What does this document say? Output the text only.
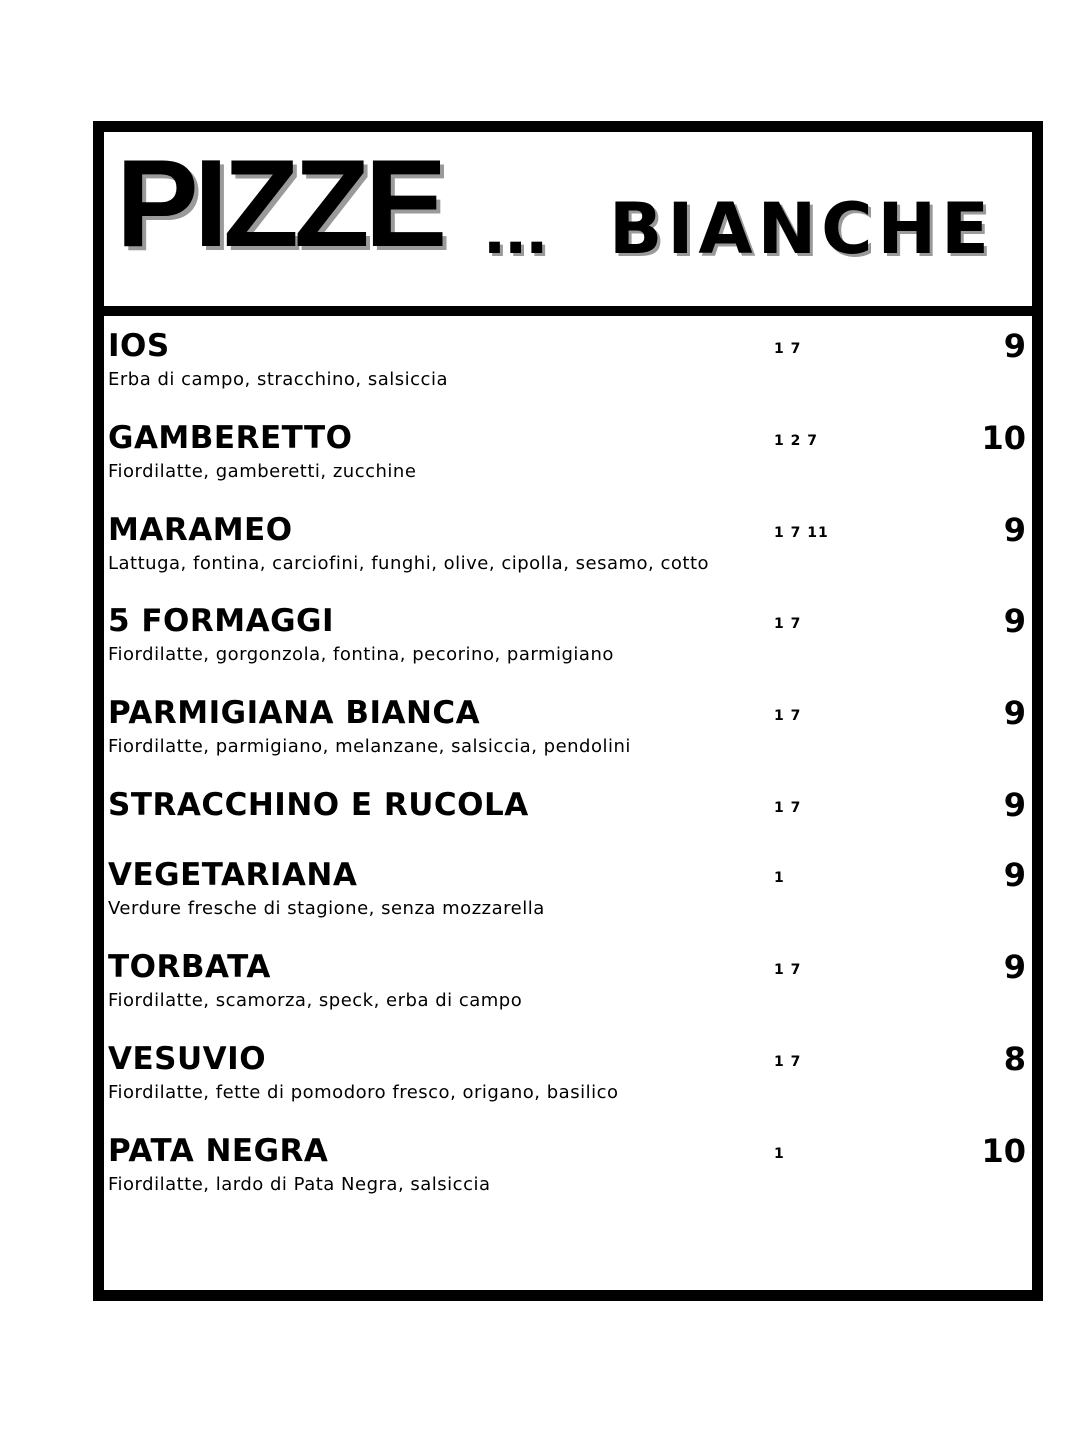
PIZZE ... BIANCHE
IOS	1 7	9
Erba di campo, stracchino, salsiccia
GAMBERETTO	1 2 7	10
Fiordilatte, gamberetti, zucchine
MARAMEO	1 7 11	9
Lattuga, fontina, carciofini, funghi, olive, cipolla, sesamo, cotto
5 FORMAGGI	1 7	9
Fiordilatte, gorgonzola, fontina, pecorino, parmigiano
PARMIGIANA BIANCA	1 7	9
Fiordilatte, parmigiano, melanzane, salsiccia, pendolini
STRACCHINO E RUCOLA	1 7	9
VEGETARIANA	1	9
Verdure fresche di stagione, senza mozzarella
TORBATA	1 7	9
Fiordilatte, scamorza, speck, erba di campo
VESUVIO	1 7	8
Fiordilatte, fette di pomodoro fresco, origano, basilico
PATA NEGRA	1	10
Fiordilatte, lardo di Pata Negra, salsiccia
